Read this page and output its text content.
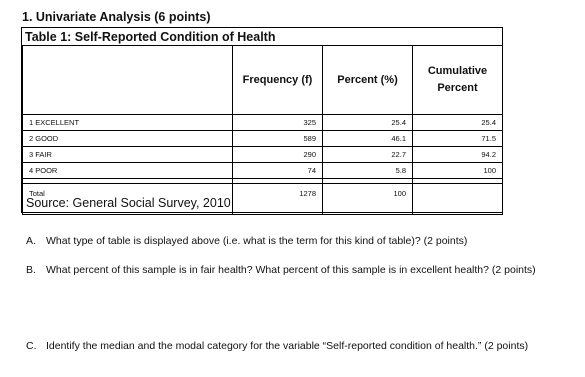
1. Univariate Analysis (6 points)
Table 1: Self-Reported Condition of Health
	Frequency (f)	Percent (%)	Cumulative Percent
1 EXCELLENT	325	25.4	25.4
2 GOOD	589	46.1	71.5
3 FAIR	290	22.7	94.2
4 POOR	74	5.8	100

Total	1278	100	
Source: General Social Survey, 2010
A. What type of table is displayed above (i.e. what is the term for this kind of table)? (2 points)
B. What percent of this sample is in fair health? What percent of this sample is in excellent health? (2 points)
C. Identify the median and the modal category for the variable “Self-reported condition of health.” (2 points)
